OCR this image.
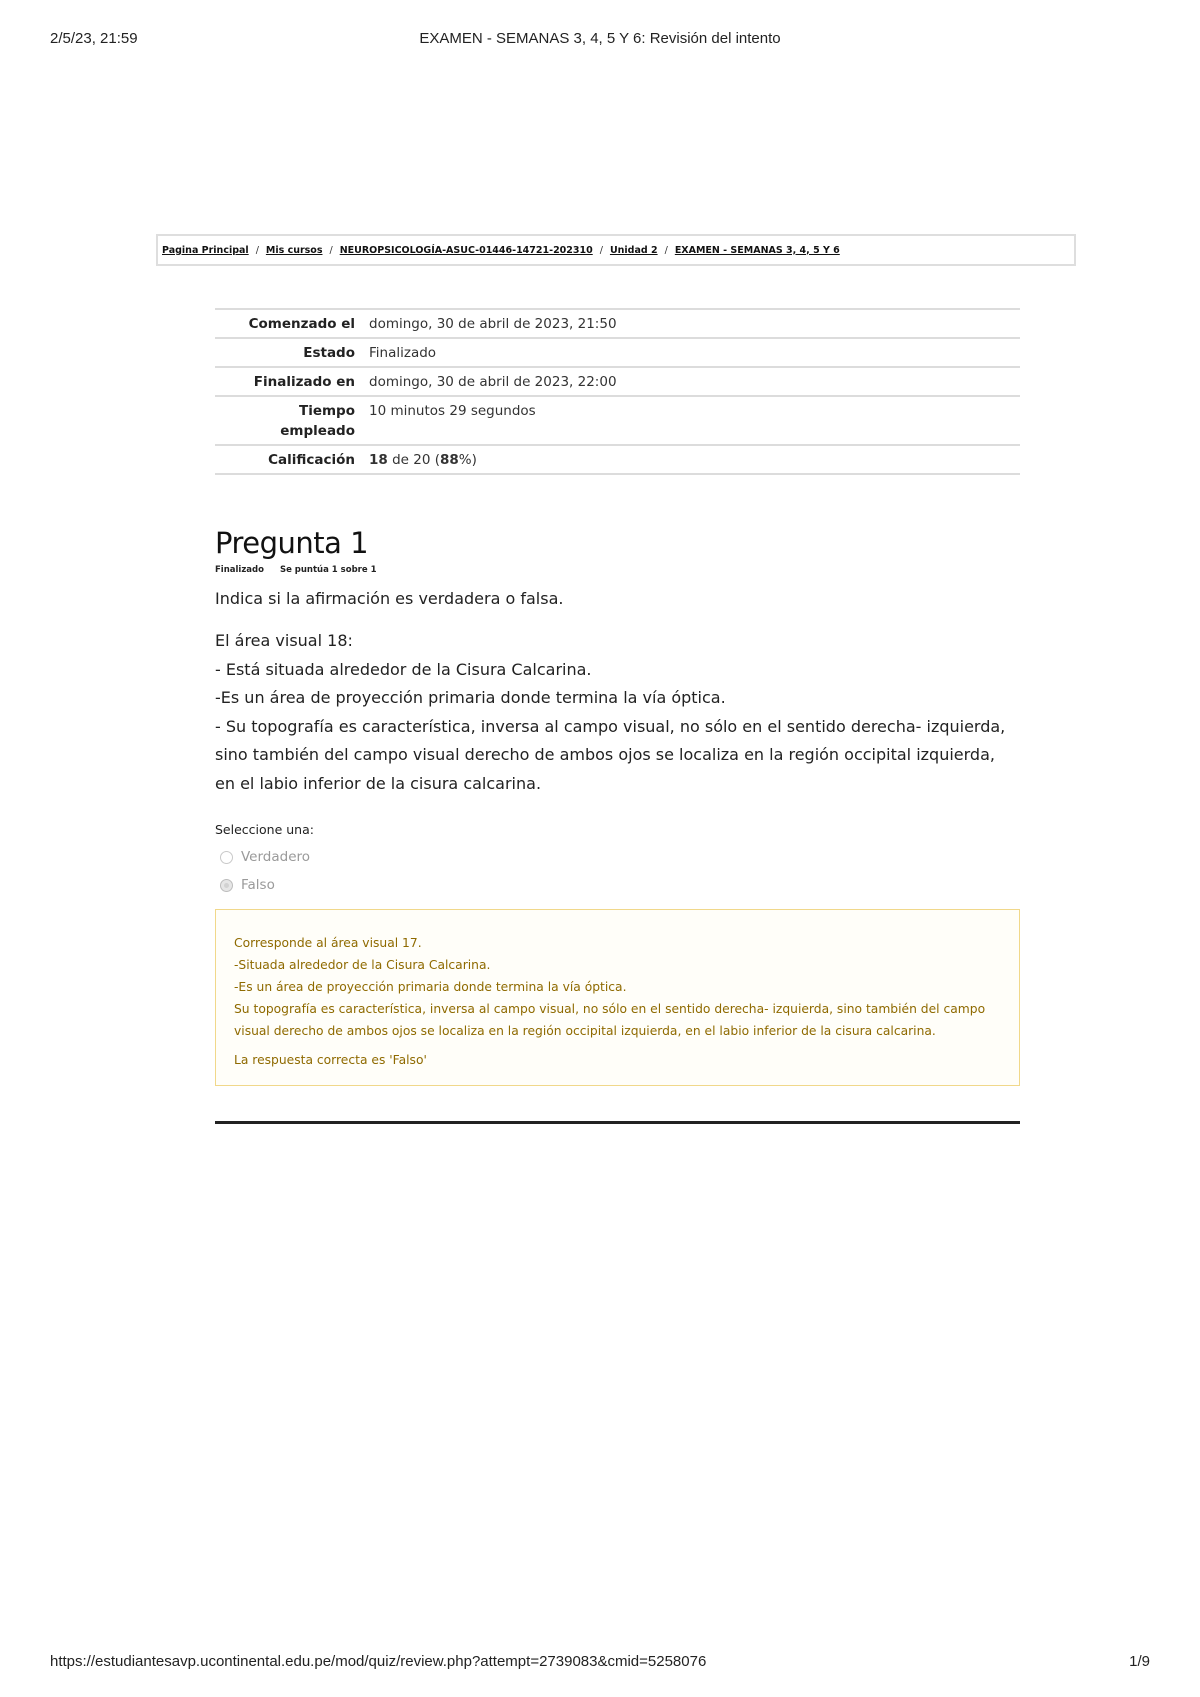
2/5/23, 21:59	EXAMEN - SEMANAS 3, 4, 5 Y 6: Revisión del intento
Pagina Principal / Mis cursos / NEUROPSICOLOGÍA-ASUC-01446-14721-202310 / Unidad 2 / EXAMEN - SEMANAS 3, 4, 5 Y 6
Comenzado el	domingo, 30 de abril de 2023, 21:50
Estado	Finalizado
Finalizado en	domingo, 30 de abril de 2023, 22:00
Tiempo
empleado	10 minutos 29 segundos
Calificación	18 de 20 (88%)
Pregunta 1
Finalizado Se puntúa 1 sobre 1
Indica si la afirmación es verdadera o falsa.
El área visual 18:
- Está situada alrededor de la Cisura Calcarina.
-Es un área de proyección primaria donde termina la vía óptica.
- Su topografía es característica, inversa al campo visual, no sólo en el sentido derecha- izquierda,
sino también del campo visual derecho de ambos ojos se localiza en la región occipital izquierda,
en el labio inferior de la cisura calcarina.
Seleccione una:
Verdadero
Falso
Corresponde al área visual 17.
-Situada alrededor de la Cisura Calcarina.
-Es un área de proyección primaria donde termina la vía óptica.
Su topografía es característica, inversa al campo visual, no sólo en el sentido derecha- izquierda, sino también del campo
visual derecho de ambos ojos se localiza en la región occipital izquierda, en el labio inferior de la cisura calcarina.
La respuesta correcta es 'Falso'
https://estudiantesavp.ucontinental.edu.pe/mod/quiz/review.php?attempt=2739083&cmid=5258076	1/9
